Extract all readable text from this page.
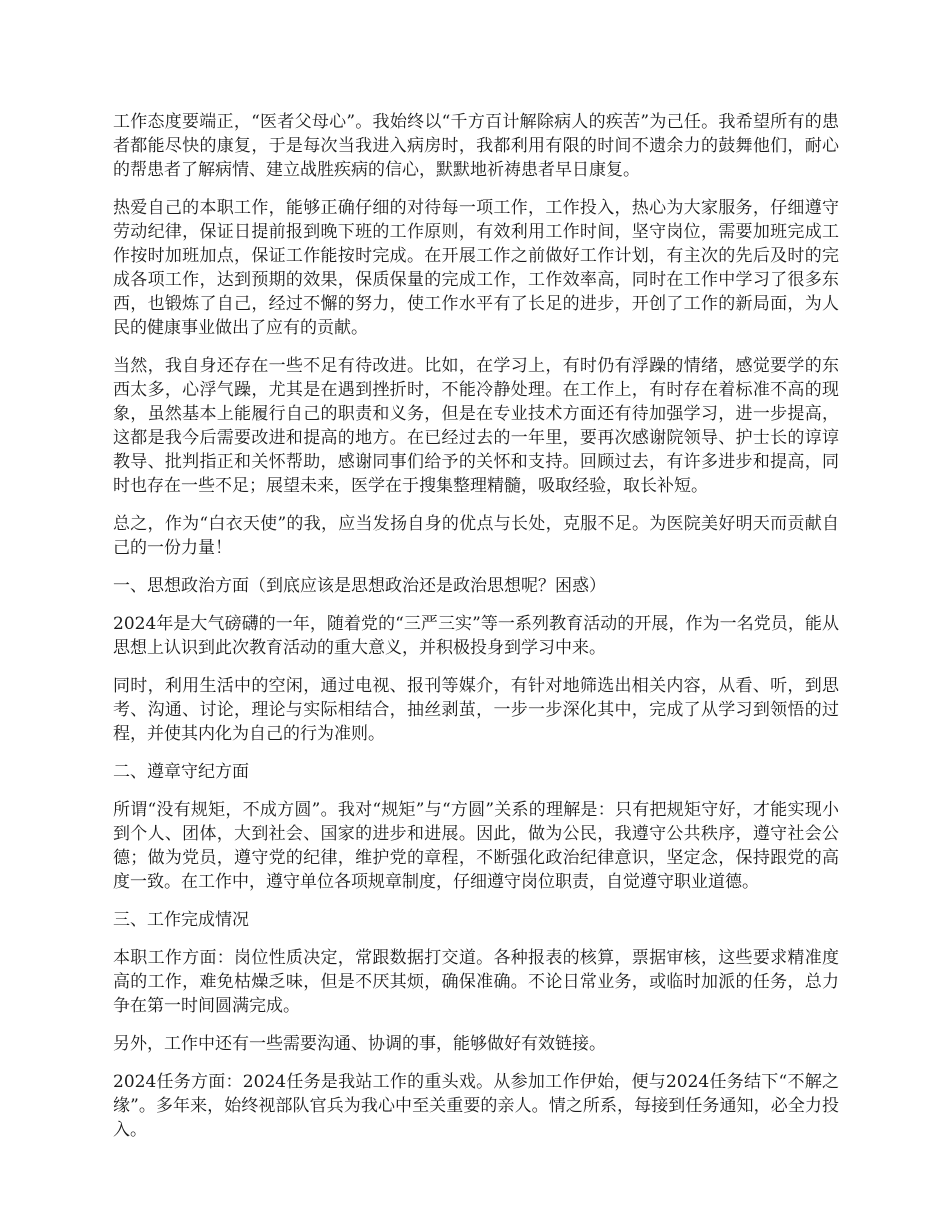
工作态度要端正，“医者父母心”。我始终以“千方百计解除病人的疾苦”为己任。我希望所有的患者都能尽快的康复，于是每次当我进入病房时，我都利用有限的时间不遗余力的鼓舞他们，耐心的帮患者了解病情、建立战胜疾病的信心，默默地祈祷患者早日康复。

热爱自己的本职工作，能够正确仔细的对待每一项工作，工作投入，热心为大家服务，仔细遵守劳动纪律，保证日提前报到晚下班的工作原则，有效利用工作时间，坚守岗位，需要加班完成工作按时加班加点，保证工作能按时完成。在开展工作之前做好工作计划，有主次的先后及时的完成各项工作，达到预期的效果，保质保量的完成工作，工作效率高，同时在工作中学习了很多东西，也锻炼了自己，经过不懈的努力，使工作水平有了长足的进步，开创了工作的新局面，为人民的健康事业做出了应有的贡献。

当然，我自身还存在一些不足有待改进。比如，在学习上，有时仍有浮躁的情绪，感觉要学的东西太多，心浮气躁，尤其是在遇到挫折时，不能冷静处理。在工作上，有时存在着标准不高的现象，虽然基本上能履行自己的职责和义务，但是在专业技术方面还有待加强学习，进一步提高，这都是我今后需要改进和提高的地方。在已经过去的一年里，要再次感谢院领导、护士长的谆谆教导、批判指正和关怀帮助，感谢同事们给予的关怀和支持。回顾过去，有许多进步和提高，同时也存在一些不足；展望未来，医学在于搜集整理精髓，吸取经验，取长补短。

总之，作为“白衣天使”的我，应当发扬自身的优点与长处，克服不足。为医院美好明天而贡献自己的一份力量！

一、思想政治方面（到底应该是思想政治还是政治思想呢？困惑）

2024年是大气磅礴的一年，随着党的“三严三实”等一系列教育活动的开展，作为一名党员，能从思想上认识到此次教育活动的重大意义，并积极投身到学习中来。

同时，利用生活中的空闲，通过电视、报刊等媒介，有针对地筛选出相关内容，从看、听，到思考、沟通、讨论，理论与实际相结合，抽丝剥茧，一步一步深化其中，完成了从学习到领悟的过程，并使其内化为自己的行为准则。

二、遵章守纪方面

所谓“没有规矩，不成方圆”。我对“规矩”与“方圆”关系的理解是：只有把规矩守好，才能实现小到个人、团体，大到社会、国家的进步和进展。因此，做为公民，我遵守公共秩序，遵守社会公德；做为党员，遵守党的纪律，维护党的章程，不断强化政治纪律意识，坚定念，保持跟党的高度一致。在工作中，遵守单位各项规章制度，仔细遵守岗位职责，自觉遵守职业道德。

三、工作完成情况

本职工作方面：岗位性质决定，常跟数据打交道。各种报表的核算，票据审核，这些要求精准度高的工作，难免枯燥乏味，但是不厌其烦，确保准确。不论日常业务，或临时加派的任务，总力争在第一时间圆满完成。

另外，工作中还有一些需要沟通、协调的事，能够做好有效链接。

2024任务方面：2024任务是我站工作的重头戏。从参加工作伊始，便与2024任务结下“不解之缘”。多年来，始终视部队官兵为我心中至关重要的亲人。情之所系，每接到任务通知，必全力投入。
